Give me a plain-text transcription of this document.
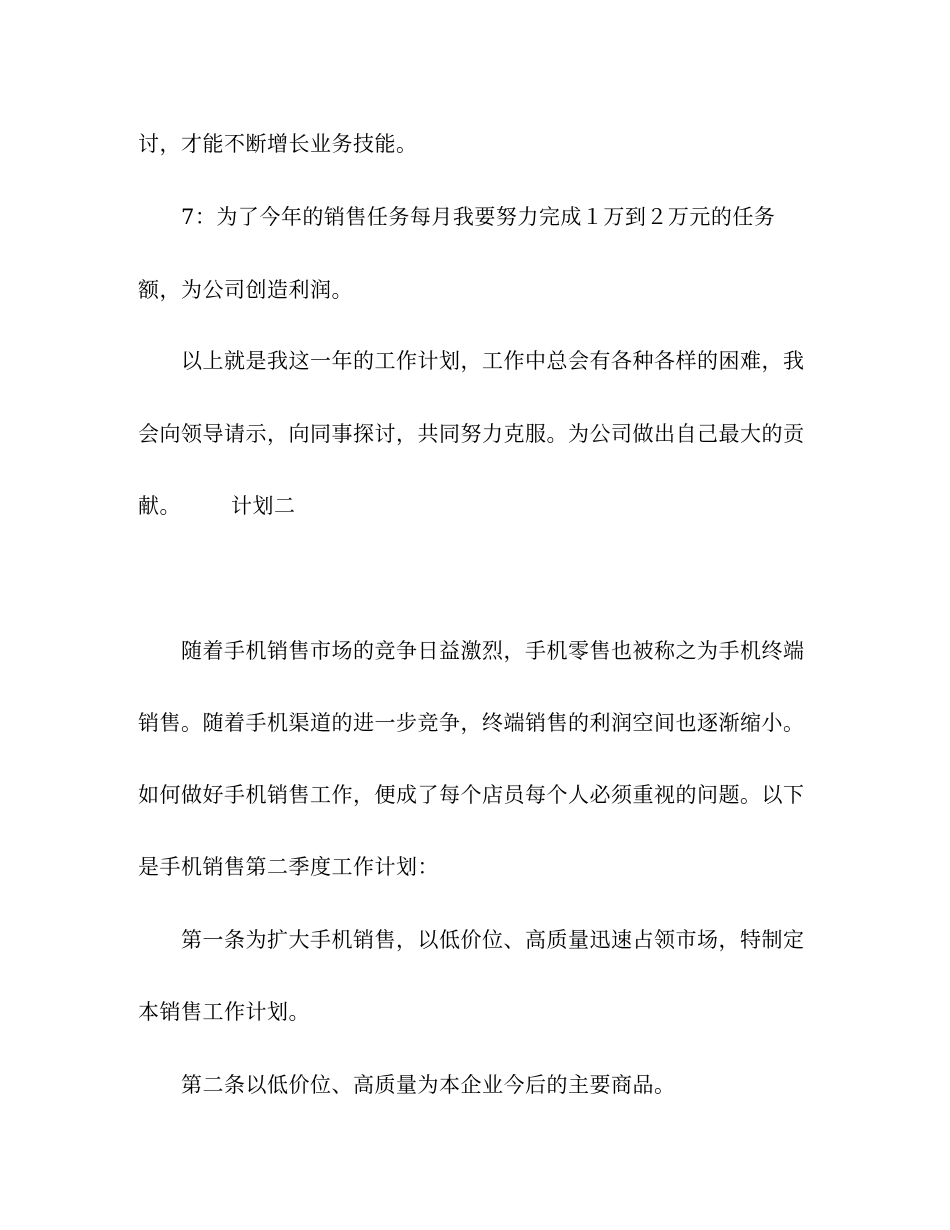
讨，才能不断增长业务技能。
7：为了今年的销售任务每月我要努力完成１万到２万元的任务
额，为公司创造利润。
以上就是我这一年的工作计划，工作中总会有各种各样的困难，我
会向领导请示，向同事探讨，共同努力克服。为公司做出自己最大的贡
献。 计划二
随着手机销售市场的竞争日益激烈，手机零售也被称之为手机终端
销售。随着手机渠道的进一步竞争，终端销售的利润空间也逐渐缩小。
如何做好手机销售工作，便成了每个店员每个人必须重视的问题。以下
是手机销售第二季度工作计划：
第一条为扩大手机销售，以低价位、高质量迅速占领市场，特制定
本销售工作计划。
第二条以低价位、高质量为本企业今后的主要商品。
